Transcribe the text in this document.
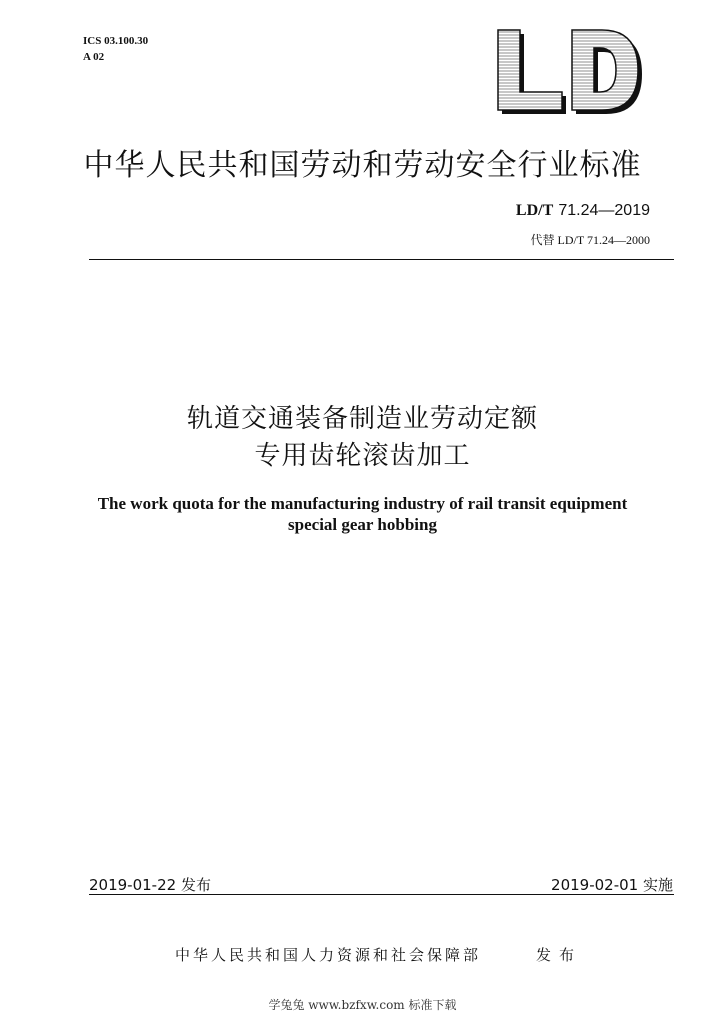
ICS 03.100.30
A 02
中华人民共和国劳动和劳动安全行业标准
LD/T 71.24—2019
代替 LD/T 71.24—2000
轨道交通装备制造业劳动定额
专用齿轮滚齿加工
The work quota for the manufacturing industry of rail transit equipment
special gear hobbing
2019-01-22 发布	2019-02-01 实施
中华人民共和国人力资源和社会保障部	发布
学兔兔 www.bzfxw.com 标准下载
